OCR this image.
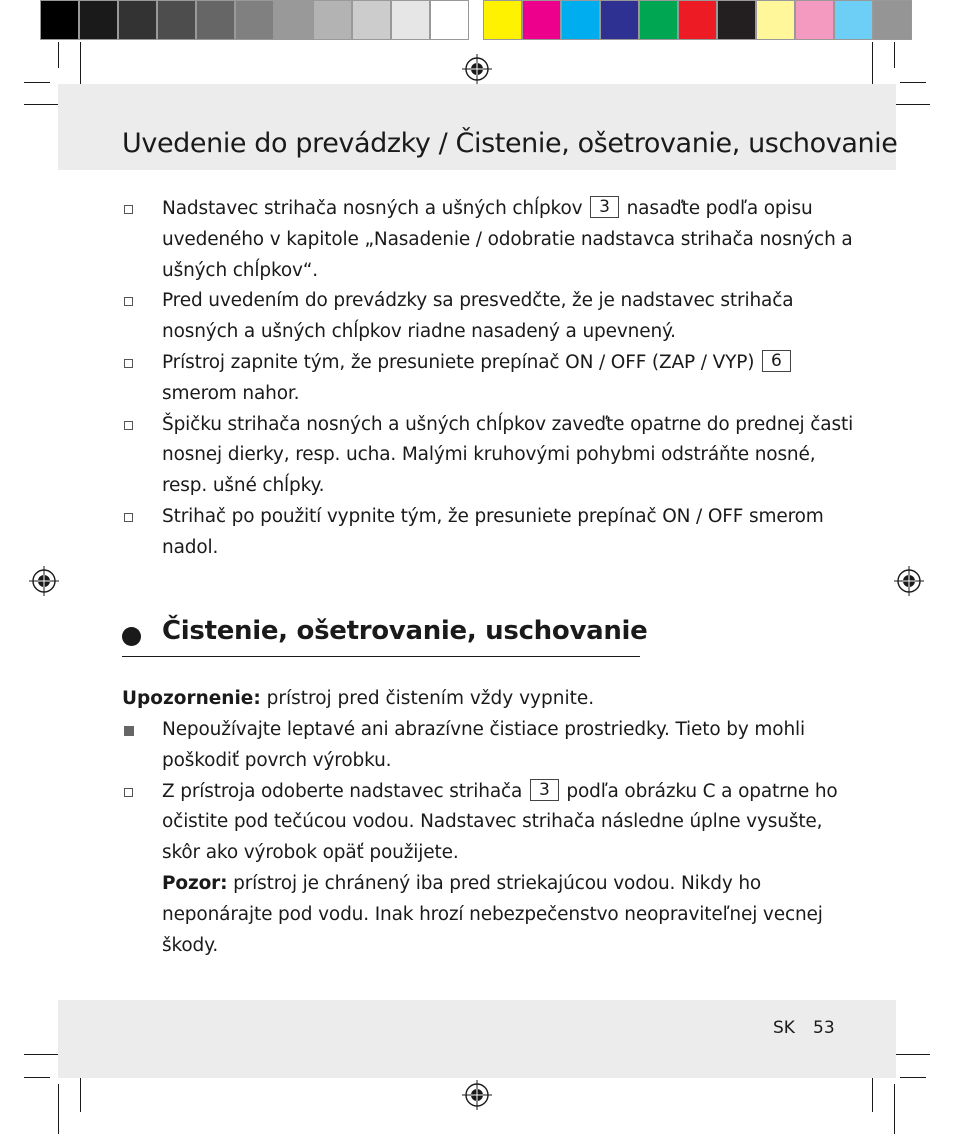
Uvedenie do prevádzky / Čistenie, ošetrovanie, uschovanie
Nadstavec strihača nosných a ušných chĺpkov 3 nasaďte podľa opisu uvedeného v kapitole „Nasadenie / odobratie nadstavca strihača nosných a ušných chĺpkov“.
Pred uvedením do prevádzky sa presvedčte, že je nadstavec strihača nosných a ušných chĺpkov riadne nasadený a upevnený.
Prístroj zapnite tým, že presuniete prepínač ON / OFF (ZAP / VYP) 6 smerom nahor.
Špičku strihača nosných a ušných chĺpkov zaveďte opatrne do prednej časti nosnej dierky, resp. ucha. Malými kruhovými pohybmi odstráňte nosné, resp. ušné chĺpky.
Strihač po použití vypnite tým, že presuniete prepínač ON / OFF smerom nadol.
Čistenie, ošetrovanie, uschovanie
Upozornenie: prístroj pred čistením vždy vypnite.
Nepoužívajte leptavé ani abrazívne čistiace prostriedky. Tieto by mohli poškodiť povrch výrobku.
Z prístroja odoberte nadstavec strihača 3 podľa obrázku C a opatrne ho očistite pod tečúcou vodou. Nadstavec strihača následne úplne vysušte, skôr ako výrobok opäť použijete.
Pozor: prístroj je chránený iba pred striekajúcou vodou. Nikdy ho neponárajte pod vodu. Inak hrozí nebezpečenstvo neopraviteľnej vecnej škody.
SK 53
